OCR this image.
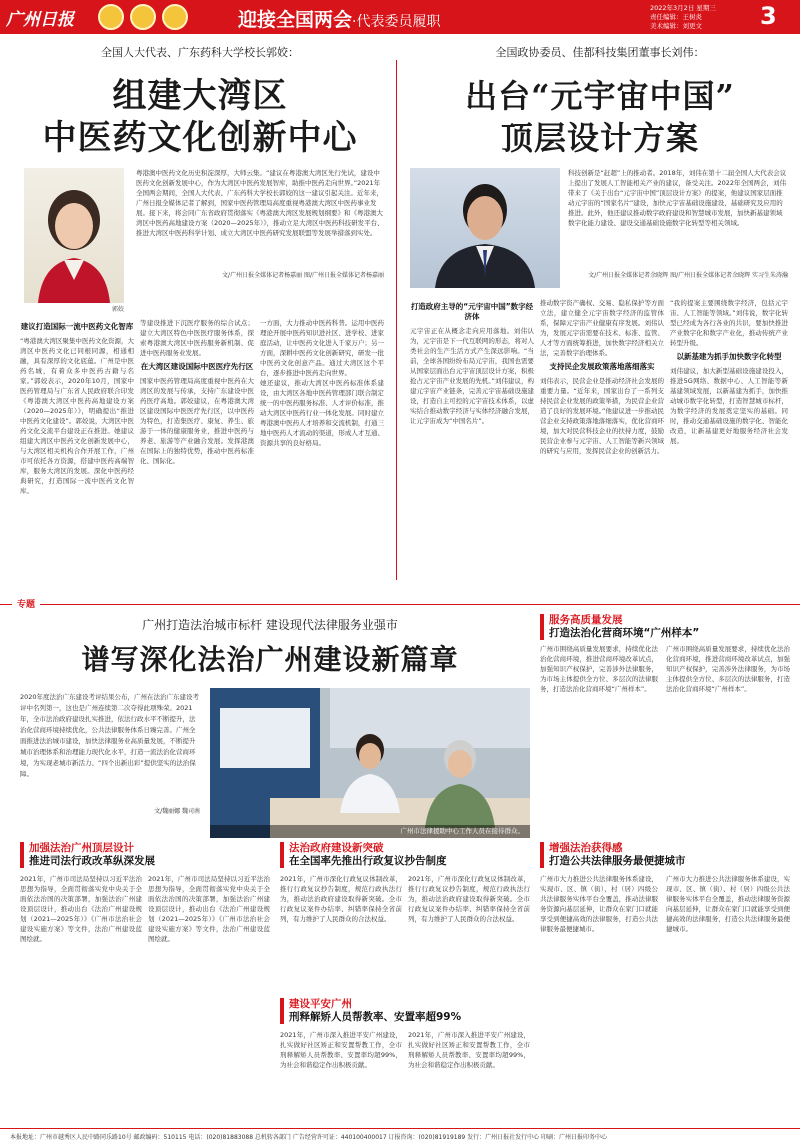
广州日报	迎接全国两会·代表委员履职
2022年3月2日 星期三
责任编辑：王树炎
美术编辑：刘更文	3
全国人大代表、广东药科大学校长郭姣：
组建大湾区
中医药文化创新中心
郭姣
粤港澳中医药文化历史积淀深厚，大师云集。“建议在粤港澳大湾区先行先试，建设中医药文化创新发展中心，作为大湾区中医药发展智库，助推中医药走向世界。”2021年全国两会期间，全国人大代表、广东药科大学校长郭姣的这一建议引起关注。近年来，广州日报全媒体记者了解到，国家中医药管理局高度重视粤港澳大湾区中医药事业发展。接下来，将会同广东省政府贯彻落实《粤港澳大湾区发展规划纲要》和《粤港澳大湾区中医药高地建设方案（2020—2025年）》，推动立足大湾区中医药科技研发平台、推进大湾区中医药科学计划、成立大湾区中医药研究发展联盟等发展举措落到实处。
文/广州日报全媒体记者杨嘉丽 图/广州日报全媒体记者杨嘉丽
建议打造国际一流中医药文化智库
“粤港澳大湾区聚集中医药文化资源，大湾区中医药文化已同根同源，相通相融，具有深厚的文化底蕴。广州是中医药名城，有着众多中医药古籍与名家。”郭姣表示，2020年10月，国家中医药管理局与广东省人民政府联合印发《粤港澳大湾区中医药高地建设方案（2020—2025年）》，明确提出“推进中医药文化建设”。郭姣说，大湾区中医药文化交流平台建设正在推进。她建议组建大湾区中医药文化创新发展中心，与大湾区相关机构合作开展工作，广州市可依托各方资源，搭建中医药高端智库，服务大湾区的发展。深化中医药经典研究，打造国际一流中医药文化智库。
等建设推进下沉医疗服务的综合试点；建立大湾区特色中医医疗服务体系，探索粤港澳大湾区中医药服务新机制、促进中医药服务业发展。
在大湾区建设国际中医医疗先行区
国家中医药管理局高度重视中医药在大湾区的发展与传承，支持广东建设中医药医疗高地。郭姣建议，在粤港澳大湾区建设国际中医医疗先行区，以中医药为特色，打造集医疗、康复、养生、旅游于一体的健康服务业，推进中医药与养老、旅游等产业融合发展。发挥港澳在国际上的独特优势，推动中医药标准化、国际化。
一方面，大力推动中医药科普。运用中医药理论开展中医药知识进社区、进学校、进家庭活动，让中医药文化进入千家万户；另一方面，深耕中医药文化创新研究，研发一批中医药文化创意产品。通过大湾区这个平台，逐步推进中医药走向世界。
她还建议，推动大湾区中医药标准体系建设，由大湾区各地中医药管理部门联合制定统一的中医药服务标准、人才评价标准，推动大湾区中医药行业一体化发展。同时建立粤港澳中医药人才培养和交流机制，打通三地中医药人才流动的渠道，形成人才互通、资源共享的良好格局。
全国政协委员、佳都科技集团董事长刘伟：
出台“元宇宙中国”
顶层设计方案
科技创新是“赶超”上的推动者。2018年，刘伟在第十二届全国人大代表会议上提出了发展人工智能相关产业的建议，备受关注。2022年全国两会，刘伟带来了《关于出台“元宇宙中国”顶层设计方案》的提案，他建议国家层面推动元宇宙的“国家名片”建设，加快元宇宙基础设施建设、基础研究及应用的推进。此外，他还建议推动数字政府建设和智慧城市发展，加快新基建领域数字化能力建设、建设交通基础设施数字化转型等相关领域。
文/广州日报全媒体记者余晓辉 图/广州日报全媒体记者余晓辉 实习生朱涛瀚
打造政府主导的“元宇宙中国”数字经济体
元宇宙正在从概念走向应用落地。刘伟认为，元宇宙是下一代互联网的形态，将对人类社会的生产生活方式产生深远影响。“当前，全球各国纷纷布局元宇宙，我国也需要从国家层面出台元宇宙顶层设计方案，积极抢占元宇宙产业发展的先机。”刘伟建议，构建元宇宙产业链条，完善元宇宙基础设施建设，打造自主可控的元宇宙技术体系，以虚实结合推动数字经济与实体经济融合发展，让元宇宙成为“中国名片”。
推动数字资产确权、交易、隐私保护等方面立法，建立健全元宇宙数字经济的监管体系，保障元宇宙产业健康有序发展。刘伟认为，发展元宇宙需要在技术、标准、监管、人才等方面统筹推进，加快数字经济相关立法，完善数字治理体系。
支持民企发展政策落地落细落实
刘伟表示，民营企业是推动经济社会发展的重要力量。“近年来，国家出台了一系列支持民营企业发展的政策举措，为民营企业营造了良好的发展环境。”他建议进一步推动民营企业支持政策落地落细落实，优化营商环境，加大对民营科技企业的扶持力度，鼓励民营企业参与元宇宙、人工智能等新兴领域的研究与应用，发挥民营企业的创新活力。
“我的提案主要围绕数字经济，包括元宇宙、人工智能等领域。”刘伟说，数字化转型已经成为各行各业的共识，要加快推进产业数字化和数字产业化，推动传统产业转型升级。
以新基建为抓手加快数字化转型
刘伟建议，加大新型基础设施建设投入，推进5G网络、数据中心、人工智能等新基建领域发展，以新基建为抓手，加快推动城市数字化转型，打造智慧城市标杆，为数字经济的发展奠定坚实的基础。同时，推动交通基础设施的数字化、智能化改造，让新基建更好地服务经济社会发展。
专题
广州打造法治城市标杆 建设现代法律服务业强市
谱写深化法治广州建设新篇章
2020年度法治广东建设考评结果公布，广州在法治广东建设考评中名列第一，这也是广州连续第二次夺得此项殊荣。2021年，全市法治政府建设扎实推进，依法行政水平不断提升，法治化营商环境持续优化，公共法律服务体系日臻完善。广州全面推进法治城市建设，加快法律服务业高质量发展，不断提升城市治理体系和治理能力现代化水平，打造一流法治化营商环境，为实现老城市新活力、“四个出新出彩”提供坚实的法治保障。
文/魏丽娜 魏司南
广州市法律援助中心工作人员在接待群众。
服务高质量发展
打造法治化营商环境“广州样本”
广州市围绕高质量发展要求，持续优化法治化营商环境，推进营商环境改革试点，加强知识产权保护，完善涉外法律服务，为市场主体提供全方位、多层次的法律服务，打造法治化营商环境“广州样本”。
广州市围绕高质量发展要求，持续优化法治化营商环境，推进营商环境改革试点，加强知识产权保护，完善涉外法律服务，为市场主体提供全方位、多层次的法律服务，打造法治化营商环境“广州样本”。
加强法治广州顶层设计
推进司法行政改革纵深发展
2021年，广州市司法局坚持以习近平法治思想为指导，全面贯彻落实党中央关于全面依法治国的决策部署，加强法治广州建设顶层设计，推动出台《法治广州建设规划（2021—2025年）》《广州市法治社会建设实施方案》等文件，法治广州建设蓝图绘就。
2021年，广州市司法局坚持以习近平法治思想为指导，全面贯彻落实党中央关于全面依法治国的决策部署，加强法治广州建设顶层设计，推动出台《法治广州建设规划（2021—2025年）》《广州市法治社会建设实施方案》等文件，法治广州建设蓝图绘就。
法治政府建设新突破
在全国率先推出行政复议抄告制度
2021年，广州市深化行政复议体制改革，推行行政复议抄告制度，规范行政执法行为，推动法治政府建设取得新突破。全市行政复议案件办结率、纠错率保持全省前列，有力维护了人民群众的合法权益。
2021年，广州市深化行政复议体制改革，推行行政复议抄告制度，规范行政执法行为，推动法治政府建设取得新突破。全市行政复议案件办结率、纠错率保持全省前列，有力维护了人民群众的合法权益。
建设平安广州
刑释解矫人员帮教率、安置率超99%
2021年，广州市深入推进平安广州建设，扎实做好社区矫正和安置帮教工作，全市刑释解矫人员帮教率、安置率均超99%，为社会和谐稳定作出积极贡献。
2021年，广州市深入推进平安广州建设，扎实做好社区矫正和安置帮教工作，全市刑释解矫人员帮教率、安置率均超99%，为社会和谐稳定作出积极贡献。
增强法治获得感
打造公共法律服务最便捷城市
广州市大力推进公共法律服务体系建设，实现市、区、镇（街）、村（居）四级公共法律服务实体平台全覆盖，推动法律服务资源向基层延伸，让群众在家门口就能享受到便捷高效的法律服务，打造公共法律服务最便捷城市。
广州市大力推进公共法律服务体系建设，实现市、区、镇（街）、村（居）四级公共法律服务实体平台全覆盖，推动法律服务资源向基层延伸，让群众在家门口就能享受到便捷高效的法律服务，打造公共法律服务最便捷城市。
本报地址：广州市越秀区人民中路同乐路10号 邮政编码：510115 电话：(020)81883088 总机转各部门 广告经营许可证：440100400017 订报咨询：(020)81919189 发行：广州日报社发行中心 印刷：广州日报印务中心
